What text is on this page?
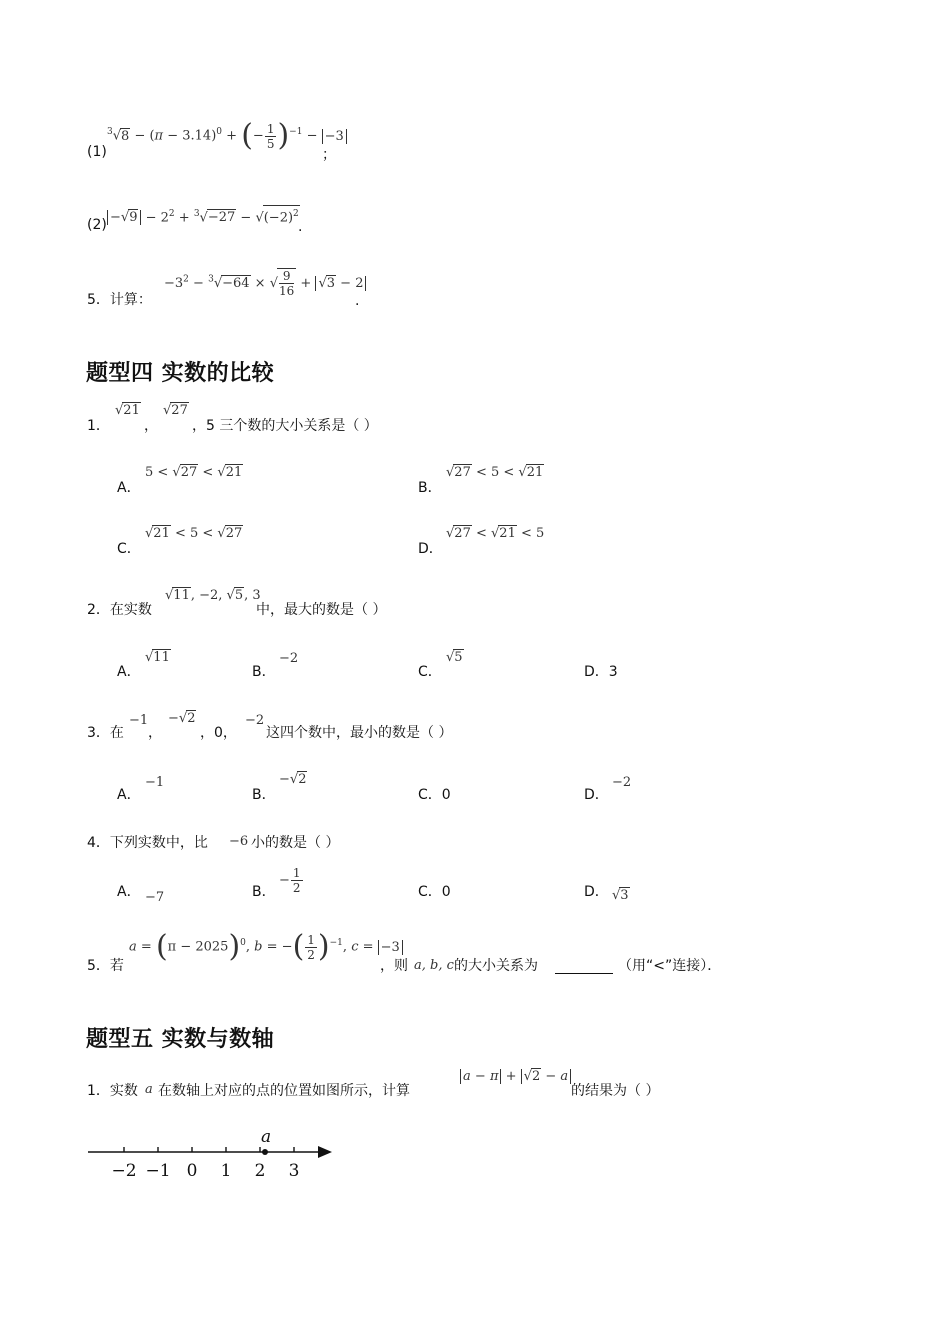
(1)
$^3√8 - (\pi - 3.14)^0$ + (− $\frac{1}{5} )^{-1} - -3$
；
$(2) -√9 - 2^2 + ^3√-27 - √(-2)^2$
.
5．计算：
$-3^2 - ^3√-64$ × √ $\frac{9}{16} + √3 - 2$
.
题型四 实数的比较
1．
√21
，
√27
，5 三个数的大小关系是（ ）
A．
5 < √27 < √21
B．
√27 < 5 < √21
C．
√21 < 5 < √27
D．
√27 < √21 < 5
2．在实数
√11, −2, √5, 3
中，最大的数是（ ）
A．
√11
B．
−2
C．
√5
D．3
3．在
−1
，
−√2
，0，
−2
这四个数中，最小的数是（ ）
A．
−1
B．
−√2
C．0	D．
−2
4．下列实数中，比 −6 小的数是（ ）
A． −7	B．
− $\frac{1}{2}$	C．0	D． √3
5．若
$a = (\pi - 2025)^0$, b = −( $\frac{1}{2} )^{-1}$, c = −3
，则 a, b, c 的大小关系为	（用“<”连接）．
题型五 实数与数轴
1．实数 a 在数轴上对应的点的位置如图所示，计算
a − π + √2 − a
的结果为（ ）
−2 −1 0 1 2 3
a
